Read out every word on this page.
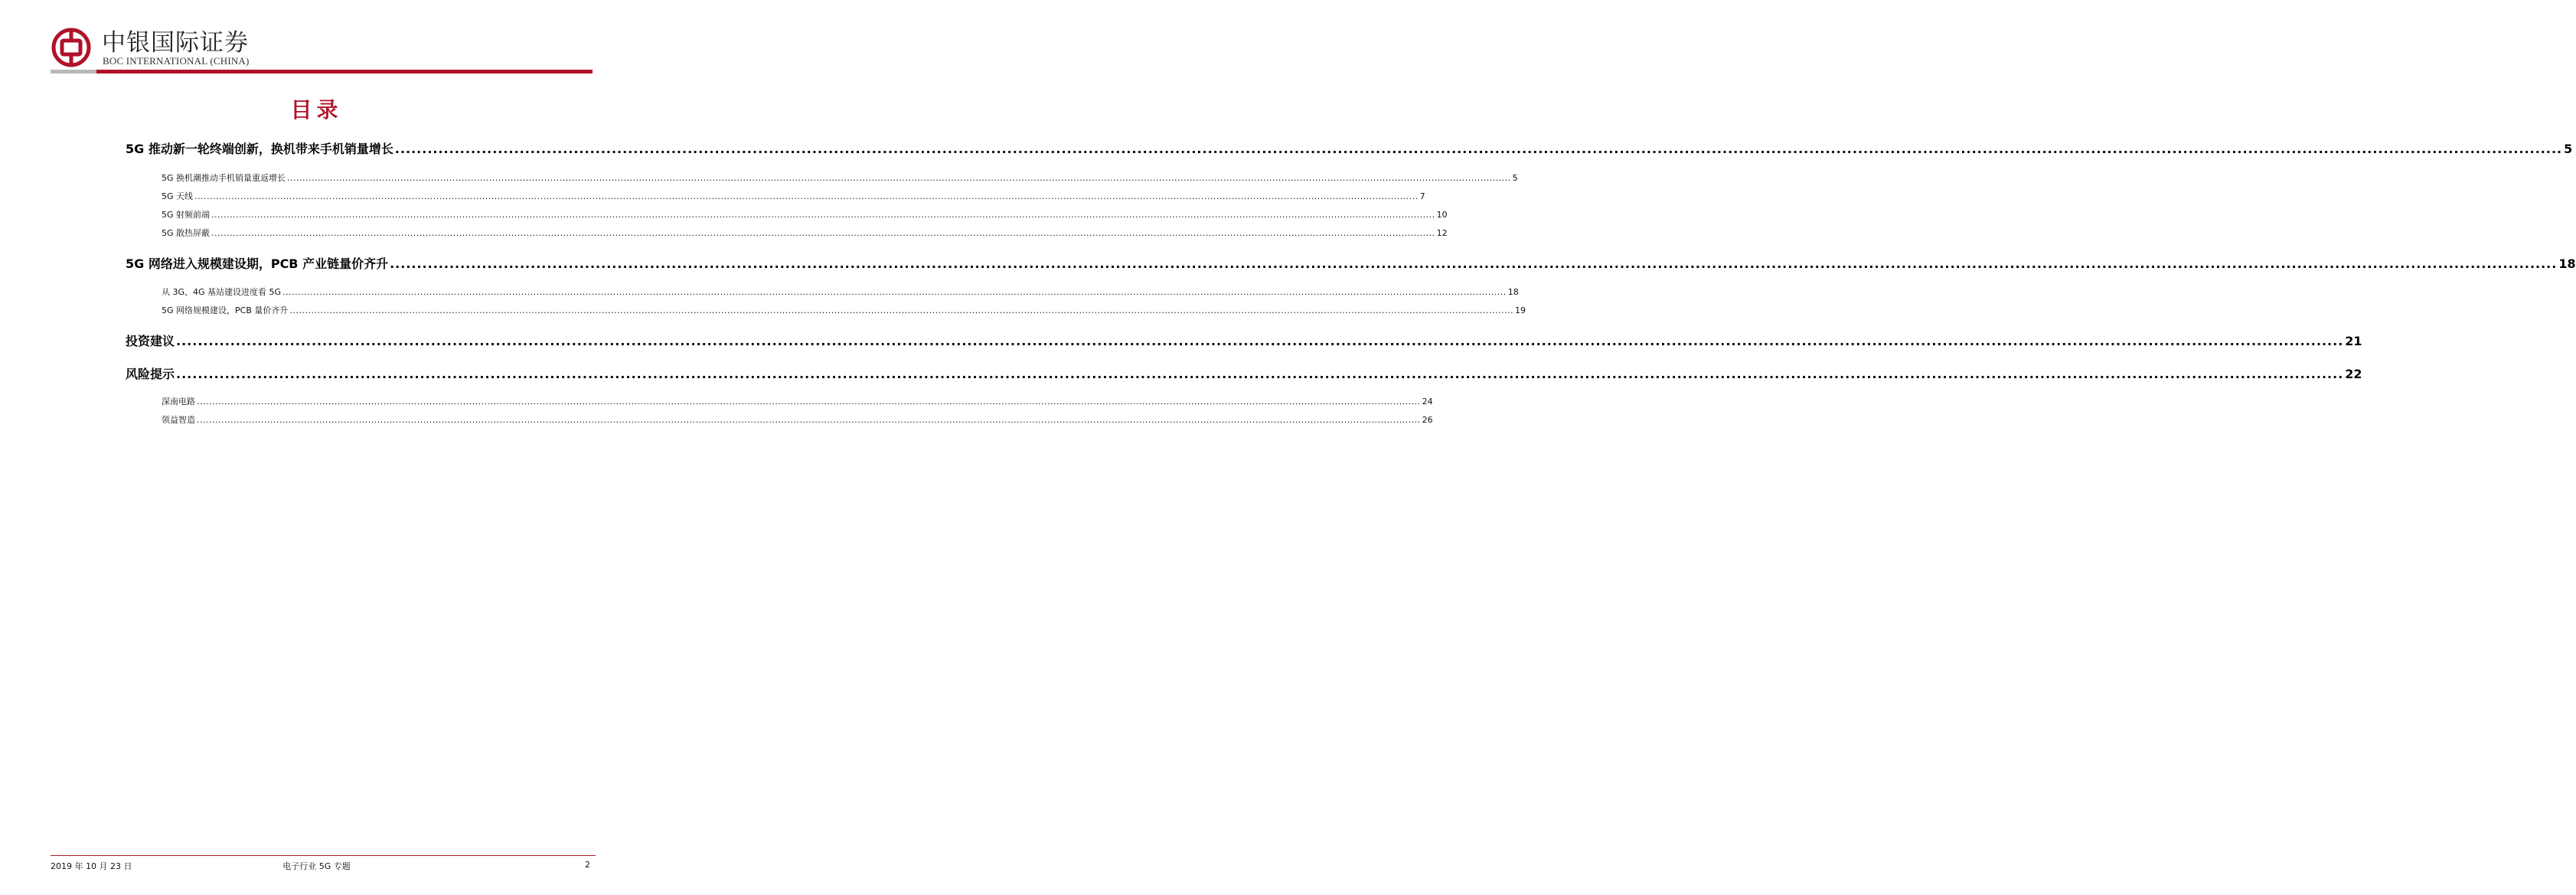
中银国际证券
BOC INTERNATIONAL (CHINA)
目录
5G 推动新一轮终端创新，换机带来手机销量增长 ................................................................................................................................................................................................................................................................................................................................................................................................................ 5
5G 换机潮推动手机销量重返增长 ................................................................................................................................................................................................................................................................................................................................................................................................................ 5
5G 天线 ................................................................................................................................................................................................................................................................................................................................................................................................................ 7
5G 射频前端 ................................................................................................................................................................................................................................................................................................................................................................................................................ 10
5G 散热屏蔽 ................................................................................................................................................................................................................................................................................................................................................................................................................ 12
5G 网络进入规模建设期，PCB 产业链量价齐升 ................................................................................................................................................................................................................................................................................................................................................................................................................ 18
从 3G、4G 基站建设进度看 5G ................................................................................................................................................................................................................................................................................................................................................................................................................ 18
5G 网络规模建设，PCB 量价齐升 ................................................................................................................................................................................................................................................................................................................................................................................................................ 19
投资建议 ................................................................................................................................................................................................................................................................................................................................................................................................................ 21
风险提示 ................................................................................................................................................................................................................................................................................................................................................................................................................ 22
深南电路 ................................................................................................................................................................................................................................................................................................................................................................................................................ 24
领益智造 ................................................................................................................................................................................................................................................................................................................................................................................................................ 26
2019 年 10 月 23 日	电子行业 5G 专题	2
